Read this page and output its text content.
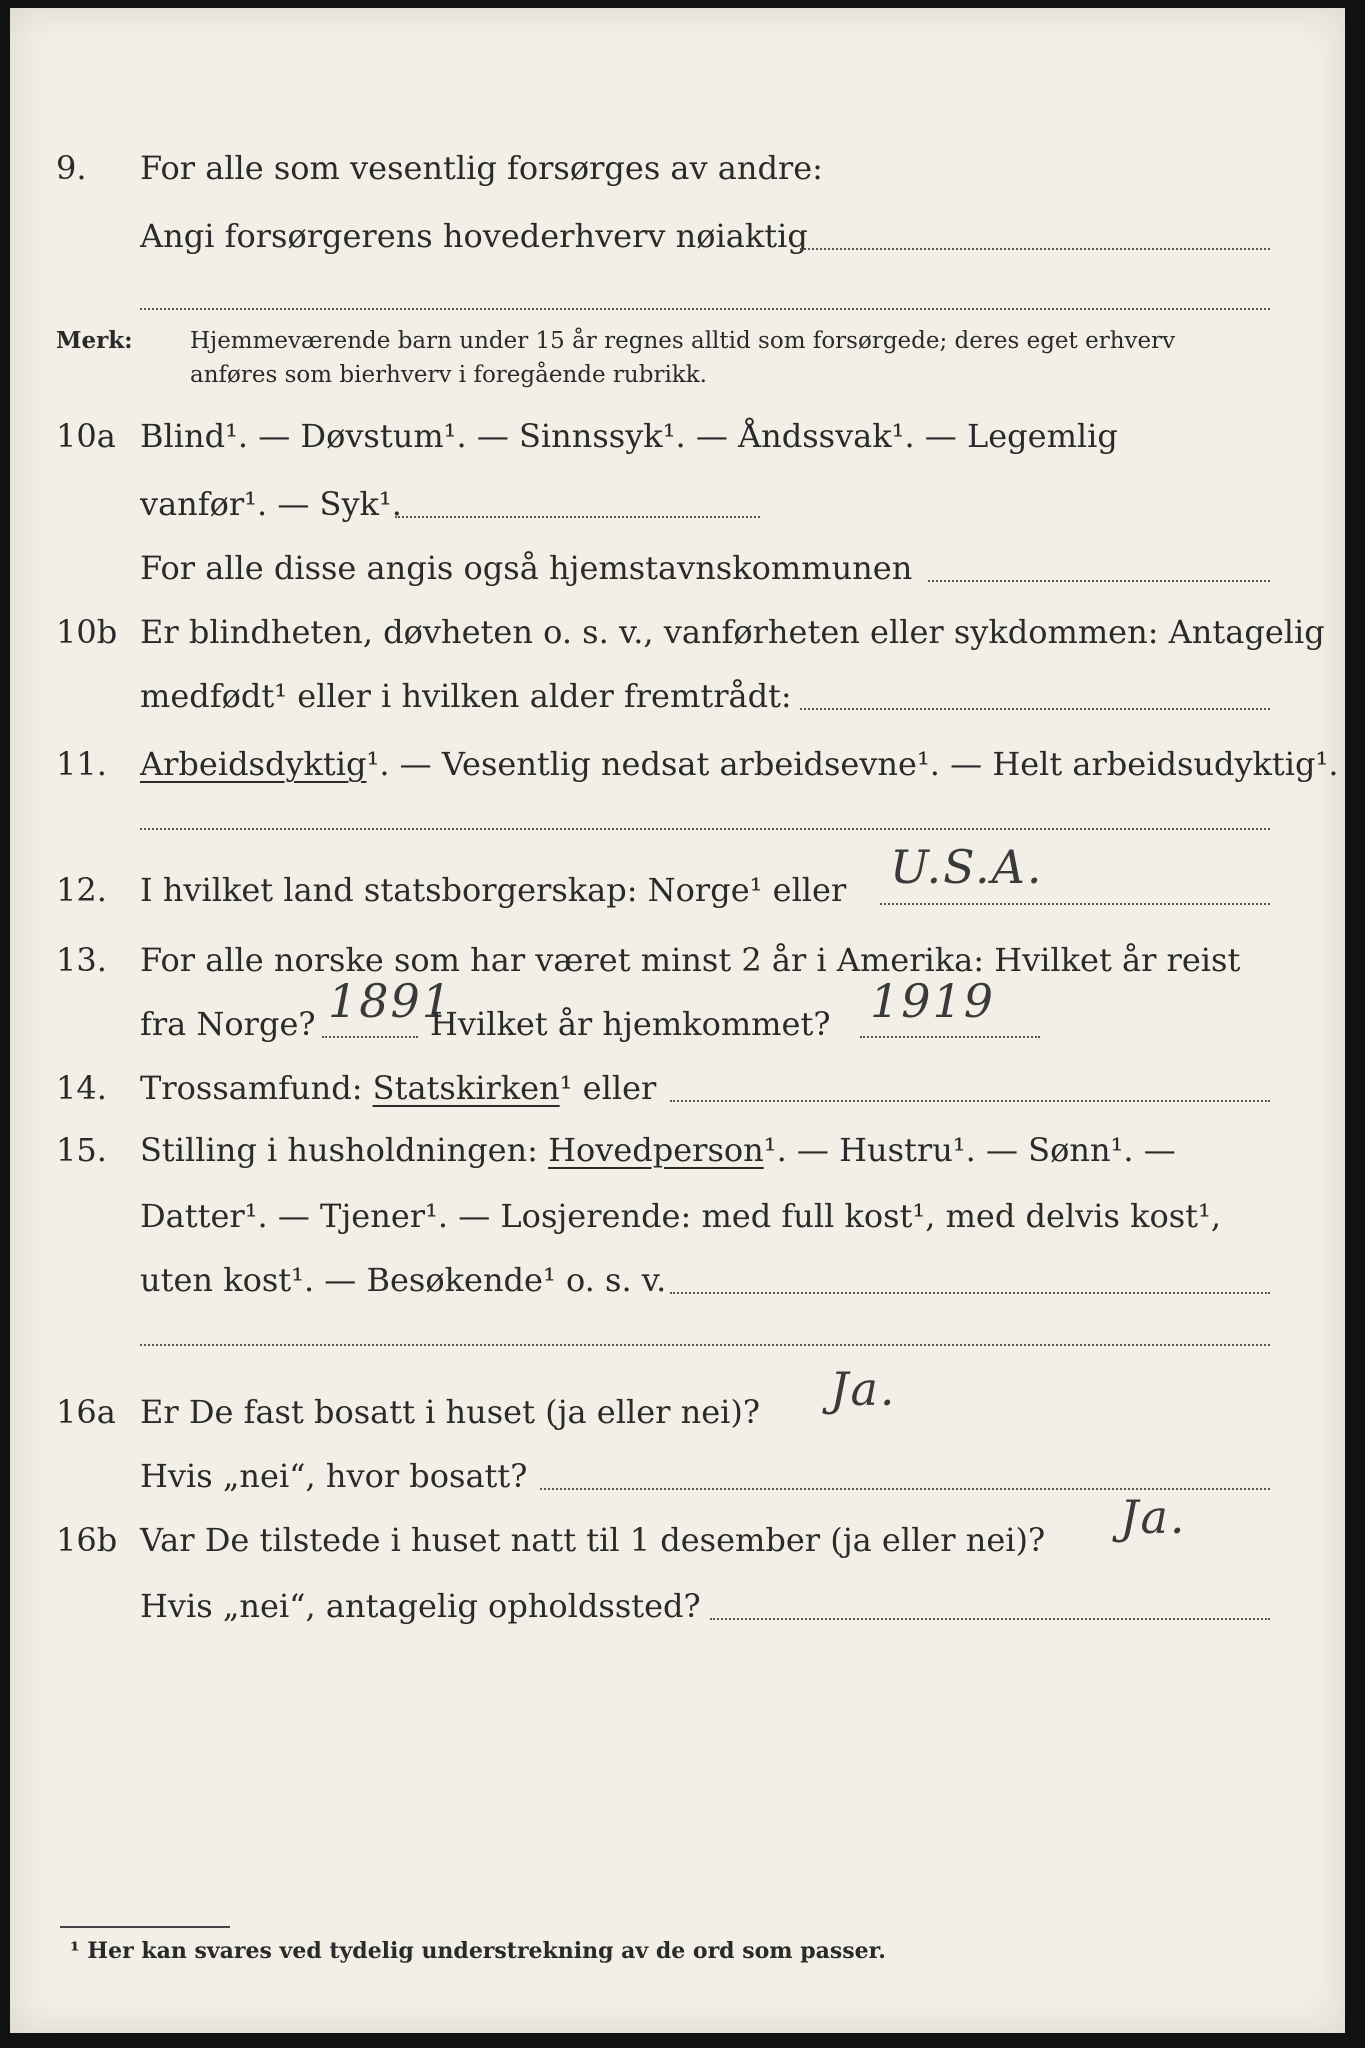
9. For alle som vesentlig forsørges av andre:
Angi forsørgerens hovederhverv nøiaktig
Merk: Hjemmeværende barn under 15 år regnes alltid som forsørgede; deres eget erhverv
anføres som bierhverv i foregående rubrikk.
10a Blind¹. — Døvstum¹. — Sinnssyk¹. — Åndssvak¹. — Legemlig
vanfør¹. — Syk¹.
For alle disse angis også hjemstavnskommunen
10b Er blindheten, døvheten o. s. v., vanførheten eller sykdommen: Antagelig
medfødt¹ eller i hvilken alder fremtrådt:
11. Arbeidsdyktig¹. — Vesentlig nedsat arbeidsevne¹. — Helt arbeidsudyktig¹.
12. I hvilket land statsborgerskap: Norge¹ eller U.S.A.
13. For alle norske som har været minst 2 år i Amerika: Hvilket år reist
fra Norge? 1891
Hvilket år hjemkommet? 1919
14. Trossamfund: Statskirken¹ eller
15. Stilling i husholdningen: Hovedperson¹. — Hustru¹. — Sønn¹. —
Datter¹. — Tjener¹. — Losjerende: med full kost¹, med delvis kost¹,
uten kost¹. — Besøkende¹ o. s. v.
16a Er De fast bosatt i huset (ja eller nei)? Ja.
Hvis „nei“, hvor bosatt?
16b Var De tilstede i huset natt til 1 desember (ja eller nei)? Ja.
Hvis „nei“, antagelig opholdssted?
¹ Her kan svares ved tydelig understrekning av de ord som passer.
